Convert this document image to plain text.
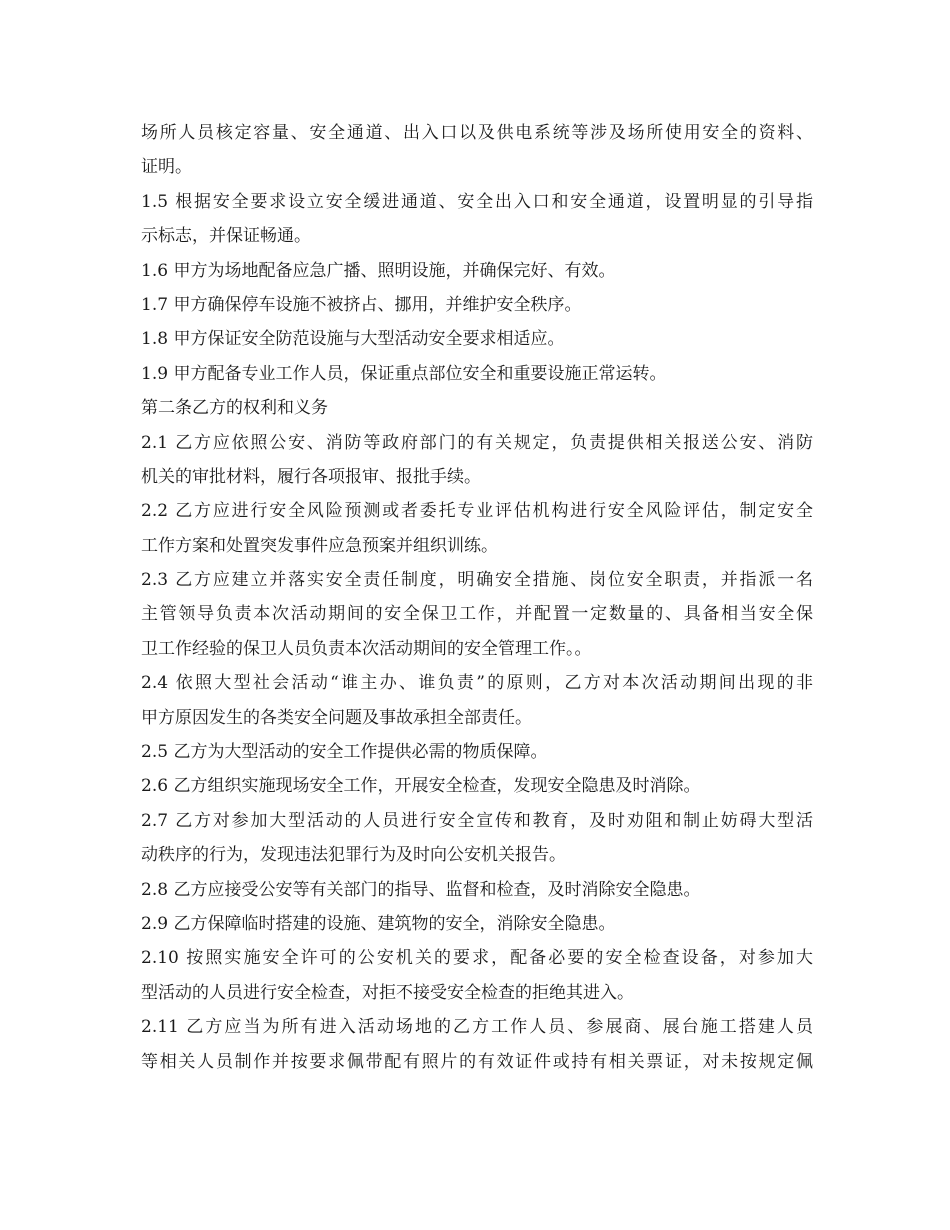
场所人员核定容量、安全通道、出入口以及供电系统等涉及场所使用安全的资料、
证明。
1.5 根据安全要求设立安全缓进通道、安全出入口和安全通道，设置明显的引导指
示标志，并保证畅通。
1.6 甲方为场地配备应急广播、照明设施，并确保完好、有效。
1.7 甲方确保停车设施不被挤占、挪用，并维护安全秩序。
1.8 甲方保证安全防范设施与大型活动安全要求相适应。
1.9 甲方配备专业工作人员，保证重点部位安全和重要设施正常运转。
第二条乙方的权利和义务
2.1 乙方应依照公安、消防等政府部门的有关规定，负责提供相关报送公安、消防
机关的审批材料，履行各项报审、报批手续。
2.2 乙方应进行安全风险预测或者委托专业评估机构进行安全风险评估，制定安全
工作方案和处置突发事件应急预案并组织训练。
2.3 乙方应建立并落实安全责任制度，明确安全措施、岗位安全职责，并指派一名
主管领导负责本次活动期间的安全保卫工作，并配置一定数量的、具备相当安全保
卫工作经验的保卫人员负责本次活动期间的安全管理工作。。
2.4 依照大型社会活动“谁主办、谁负责”的原则，乙方对本次活动期间出现的非
甲方原因发生的各类安全问题及事故承担全部责任。
2.5 乙方为大型活动的安全工作提供必需的物质保障。
2.6 乙方组织实施现场安全工作，开展安全检查，发现安全隐患及时消除。
2.7 乙方对参加大型活动的人员进行安全宣传和教育，及时劝阻和制止妨碍大型活
动秩序的行为，发现违法犯罪行为及时向公安机关报告。
2.8 乙方应接受公安等有关部门的指导、监督和检查，及时消除安全隐患。
2.9 乙方保障临时搭建的设施、建筑物的安全，消除安全隐患。
2.10 按照实施安全许可的公安机关的要求，配备必要的安全检查设备，对参加大
型活动的人员进行安全检查，对拒不接受安全检查的拒绝其进入。
2.11 乙方应当为所有进入活动场地的乙方工作人员、参展商、展台施工搭建人员
等相关人员制作并按要求佩带配有照片的有效证件或持有相关票证，对未按规定佩
